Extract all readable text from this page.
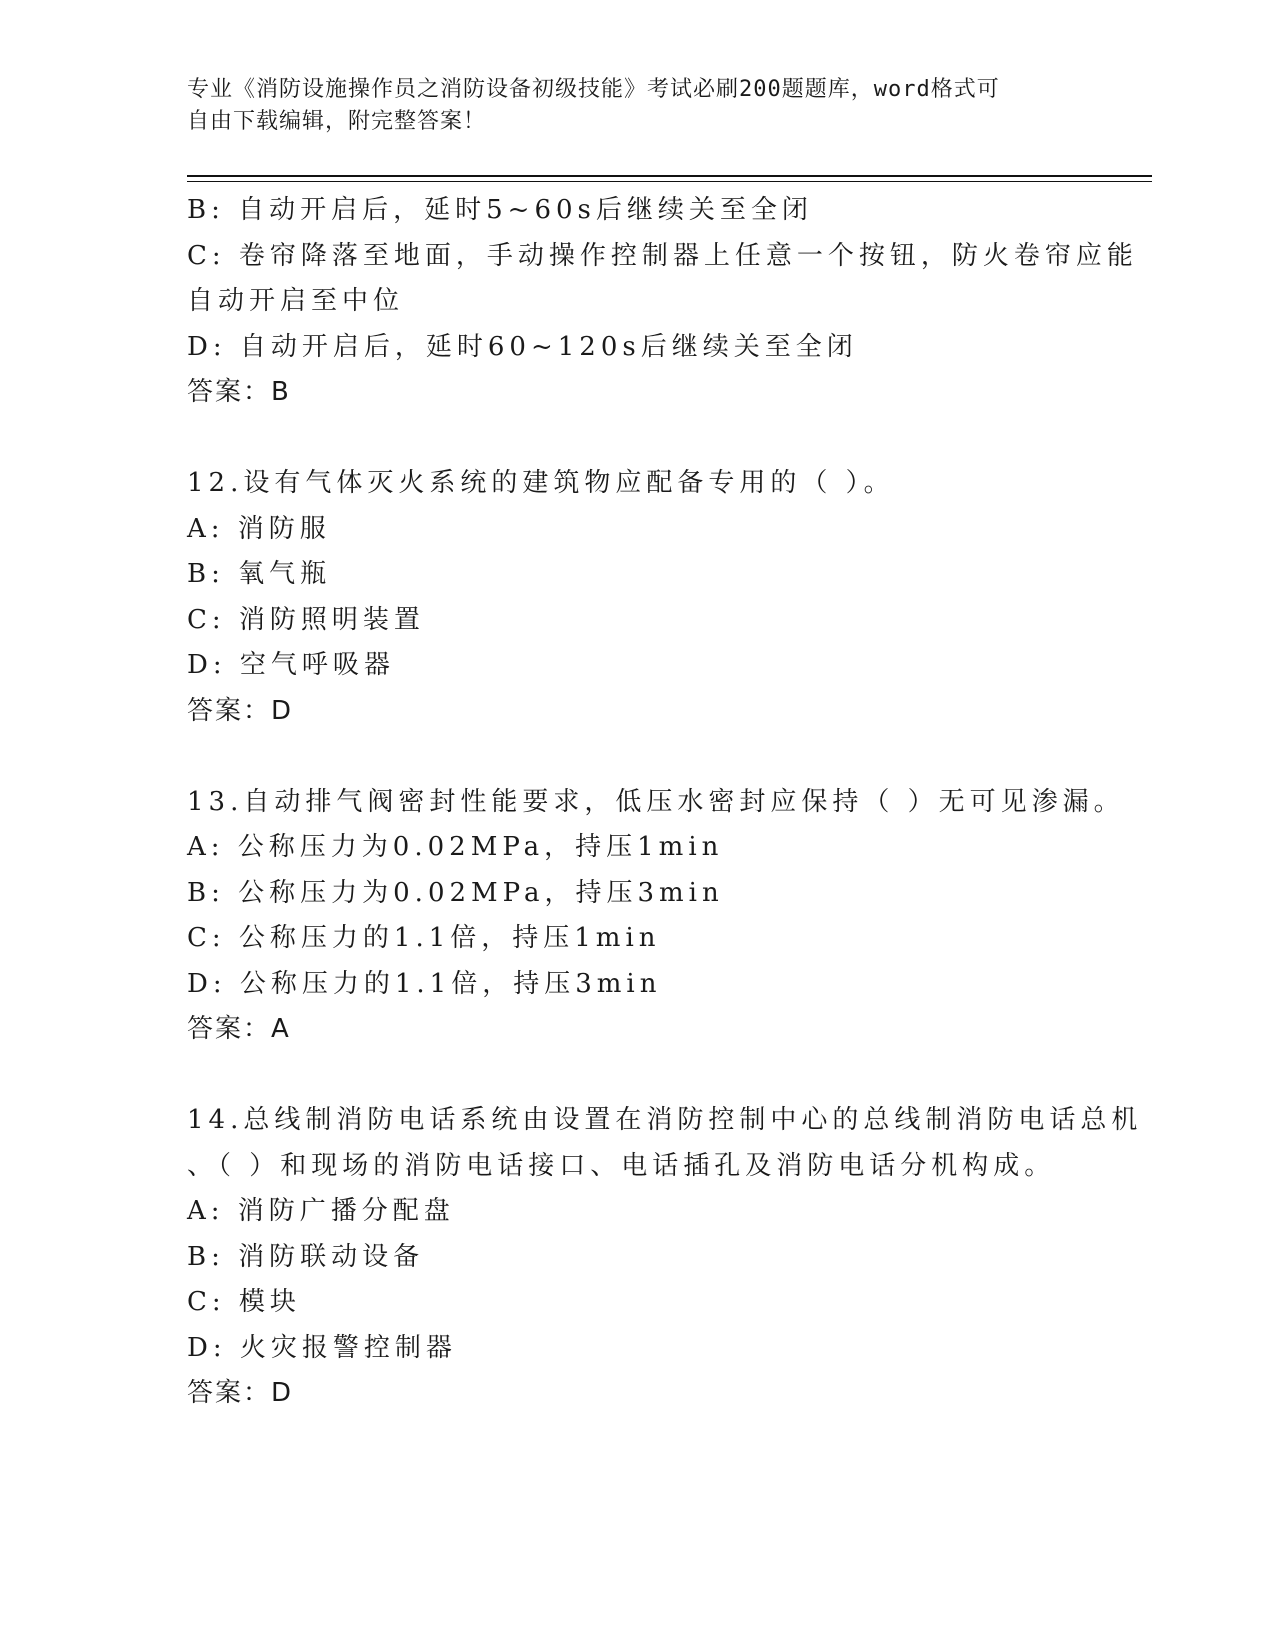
专业《消防设施操作员之消防设备初级技能》考试必刷200题题库，word格式可
自由下载编辑，附完整答案！
B: 自动开启后，延时5~60s后继续关至全闭
C: 卷帘降落至地面，手动操作控制器上任意一个按钮，防火卷帘应能
自动开启至中位
D: 自动开启后，延时60~120s后继续关至全闭
答案：B
12.设有气体灭火系统的建筑物应配备专用的（ ）。
A: 消防服
B: 氧气瓶
C: 消防照明装置
D: 空气呼吸器
答案：D
13.自动排气阀密封性能要求，低压水密封应保持（ ）无可见渗漏。
A: 公称压力为0.02MPa，持压1min
B: 公称压力为0.02MPa，持压3min
C: 公称压力的1.1倍，持压1min
D: 公称压力的1.1倍，持压3min
答案：A
14.总线制消防电话系统由设置在消防控制中心的总线制消防电话总机
、（ ）和现场的消防电话接口、电话插孔及消防电话分机构成。
A: 消防广播分配盘
B: 消防联动设备
C: 模块
D: 火灾报警控制器
答案：D
